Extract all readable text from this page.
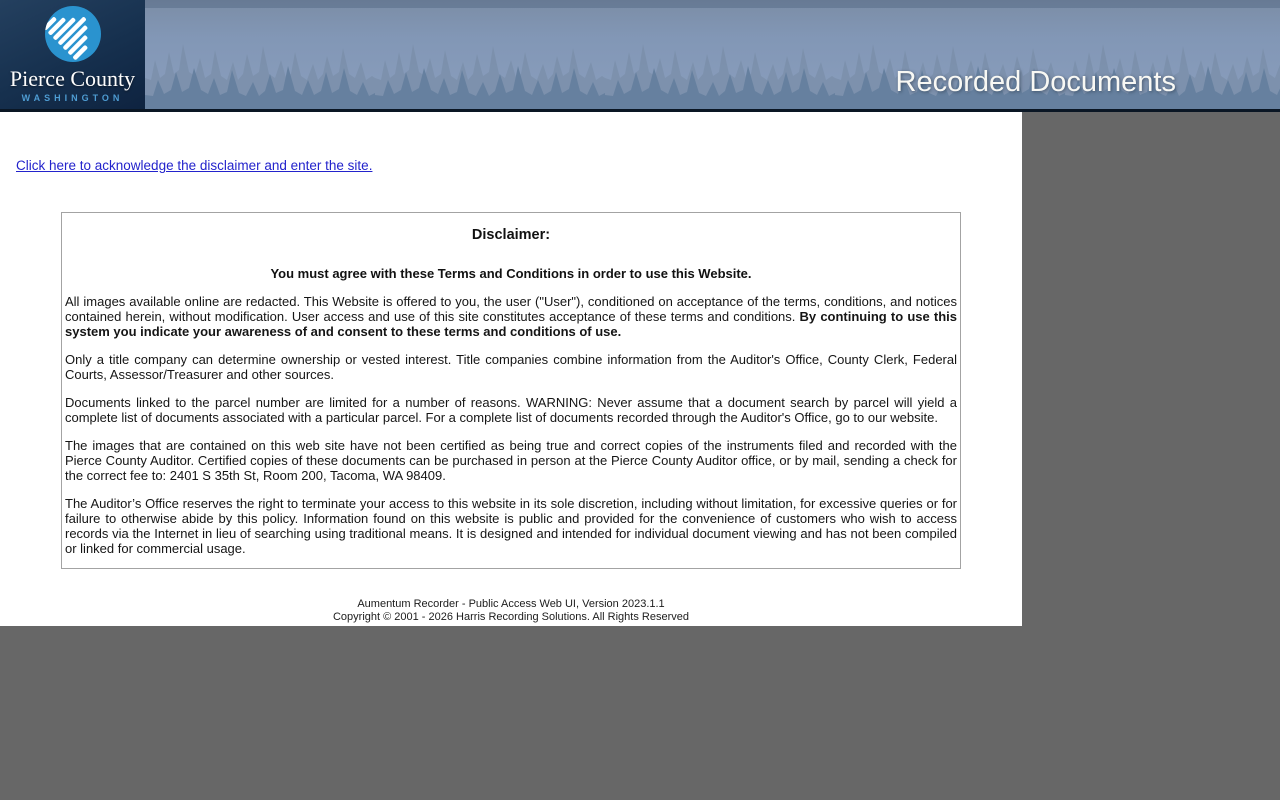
Pierce County
WASHINGTON	Recorded Documents
Click here to acknowledge the disclaimer and enter the site.
Disclaimer:
You must agree with these Terms and Conditions in order to use this Website.

All images available online are redacted. This Website is offered to you, the user ("User"), conditioned on acceptance of the terms, conditions, and notices contained herein, without modification. User access and use of this site constitutes acceptance of these terms and conditions. By continuing to use this system you indicate your awareness of and consent to these terms and conditions of use.

Only a title company can determine ownership or vested interest. Title companies combine information from the Auditor's Office, County Clerk, Federal Courts, Assessor/Treasurer and other sources.

Documents linked to the parcel number are limited for a number of reasons. WARNING: Never assume that a document search by parcel will yield a complete list of documents associated with a particular parcel. For a complete list of documents recorded through the Auditor's Office, go to our website.

The images that are contained on this web site have not been certified as being true and correct copies of the instruments filed and recorded with the Pierce County Auditor. Certified copies of these documents can be purchased in person at the Pierce County Auditor office, or by mail, sending a check for the correct fee to: 2401 S 35th St, Room 200, Tacoma, WA 98409.

The Auditor’s Office reserves the right to terminate your access to this website in its sole discretion, including without limitation, for excessive queries or for failure to otherwise abide by this policy. Information found on this website is public and provided for the convenience of customers who wish to access records via the Internet in lieu of searching using traditional means. It is designed and intended for individual document viewing and has not been compiled or linked for commercial usage.

Aumentum Recorder - Public Access Web UI, Version 2023.1.1
Copyright © 2001 - 2026 Harris Recording Solutions. All Rights Reserved
